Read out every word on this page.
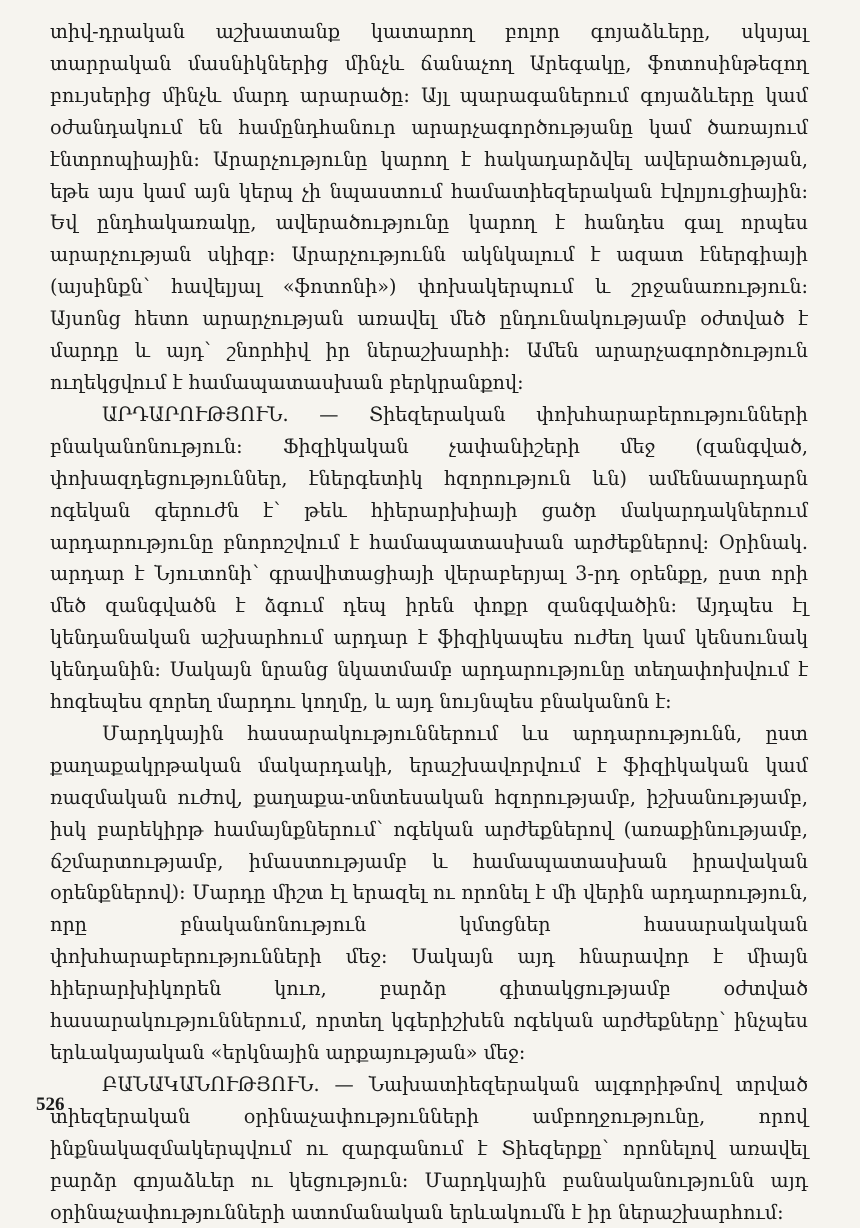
տիվ-դրական աշխատանք կատարող բոլոր գոյաձևերը, սկսյալ տարրական մասնիկներից մինչև ճանաչող Արեգակը, ֆոտոսինթեզող բույսերից մինչև մարդ արարածը: Այլ պարագաներում գոյաձևերը կամ օժանդակում են համընդհանուր արարչագործությանը կամ ծառայում էնտրոպիային: Արարչությունը կարող է հակադարձվել ավերածության, եթե այս կամ այն կերպ չի նպաստում համատիեզերական էվոլյուցիային: Եվ ընդհակառակը, ավերածությունը կարող է հանդես գալ որպես արարչության սկիզբ: Արարչությունն ակնկալում է ազատ էներգիայի (այսինքն՝ հավելյալ «ֆոտոնի») փոխակերպում և շրջանառություն: Այսոնց հետո արարչության առավել մեծ ընդունակությամբ օժտված է մարդը և այդ՝ շնորհիվ իր ներաշխարհի: Ամեն արարչագործություն ուղեկցվում է համապատասխան բերկրանքով:

ԱՐԴԱՐՈՒԹՅՈՒՆ. — Տիեզերական փոխհարաբերությունների բնականոնություն: Ֆիզիկական չափանիշերի մեջ (զանգված, փոխազդեցություններ, էներգետիկ հզորություն ևն) ամենաարդարն ոգեկան գերուժն է՝ թեև հիերարխիայի ցածր մակարդակներում արդարությունը բնորոշվում է համապատասխան արժեքներով: Օրինակ. արդար է Նյուտոնի՝ գրավիտացիայի վերաբերյալ 3-րդ օրենքը, ըստ որի մեծ զանգվածն է ձգում դեպ իրեն փոքր զանգվածին: Այդպես էլ կենդանական աշխարհում արդար է ֆիզիկապես ուժեղ կամ կենսունակ կենդանին: Սակայն նրանց նկատմամբ արդարությունը տեղափոխվում է հոգեպես զորեղ մարդու կողմը, և այդ նույնպես բնականոն է:

Մարդկային հասարակություններում ևս արդարությունն, ըստ քաղաքակրթական մակարդակի, երաշխավորվում է ֆիզիկական կամ ռազմական ուժով, քաղաքա-տնտեսական հզորությամբ, իշխանությամբ, իսկ բարեկիրթ համայնքներում՝ ոգեկան արժեքներով (առաքինությամբ, ճշմարտությամբ, իմաստությամբ և համապատասխան իրավական օրենքներով): Մարդը միշտ էլ երազել ու որոնել է մի վերին արդարություն, որը բնականոնություն կմտցներ հասարակական փոխհարաբերությունների մեջ: Սակայն այդ հնարավոր է միայն հիերարխիկորեն կուռ, բարձր գիտակցությամբ օժտված հասարակություններում, որտեղ կգերիշխեն ոգեկան արժեքները՝ ինչպես երևակայական «երկնային արքայության» մեջ:

ԲԱՆԱԿԱՆՈՒԹՅՈՒՆ. — Նախատիեզերական ալգորիթմով տրված տիեզերական օրինաչափությունների ամբողջությունը, որով ինքնակազմակերպվում ու զարգանում է Տիեզերքը՝ որոնելով առավել բարձր գոյաձևեր ու կեցություն: Մարդկային բանականությունն այդ օրինաչափությունների ատոմանական երևակումն է իր ներաշխարհում:

526
